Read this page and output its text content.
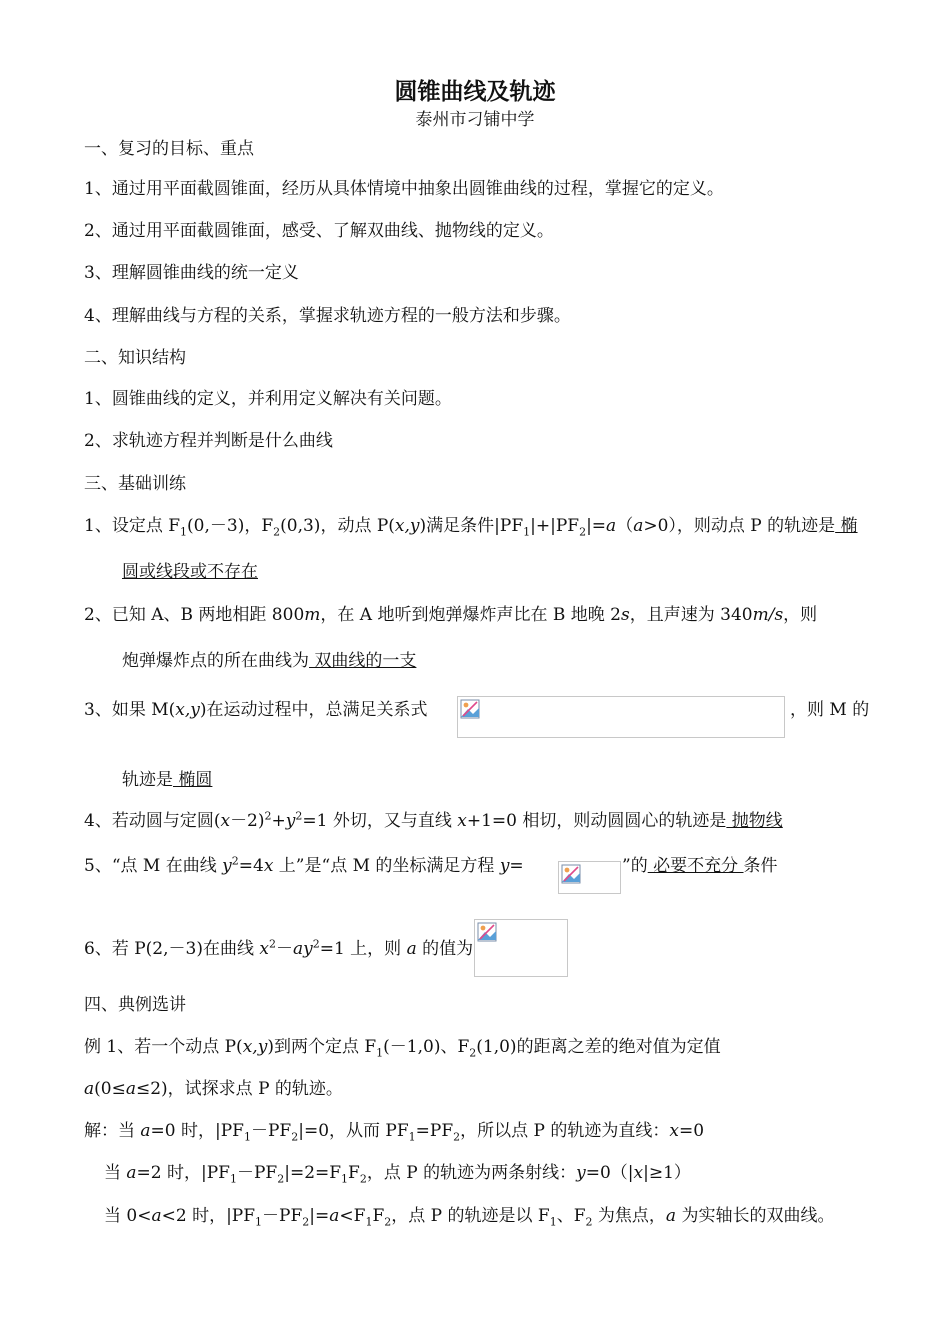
圆锥曲线及轨迹
泰州市刁铺中学
一、复习的目标、重点
1、通过用平面截圆锥面，经历从具体情境中抽象出圆锥曲线的过程，掌握它的定义。
2、通过用平面截圆锥面，感受、了解双曲线、抛物线的定义。
3、理解圆锥曲线的统一定义
4、理解曲线与方程的关系，掌握求轨迹方程的一般方法和步骤。
二、知识结构
1、圆锥曲线的定义，并利用定义解决有关问题。
2、求轨迹方程并判断是什么曲线
三、基础训练
1、设定点 $F_1(0,-3)$，$F_2(0,3)$，动点 P(x,y)满足条件$|PF_1|+|PF_2|=a(a>0)$，则动点 P 的轨迹是 椭
圆或线段或不存在
2、已知 A、B 两地相距 800m，在 A 地听到炮弹爆炸声比在 B 地晚 2s，且声速为 340m/s，则
炮弹爆炸点的所在曲线为 双曲线的一支
3、如果 M(x,y)在运动过程中，总满足关系式	，则 M 的
轨迹是 椭圆
4、若动圆与定圆$(x-2)^2+y^2=1$ 外切，又与直线 x+1=0 相切，则动圆圆心的轨迹是 抛物线
5、“点 M 在曲线 $y^2=4x$ 上”是“点 M 的坐标满足方程 y=	”的 必要不充分 条件
6、若 P(2,－3)在曲线 $x^2-ay^2=1$ 上，则 a 的值为
四、典例选讲
例 1、若一个动点 P(x,y)到两个定点 $F_1(-1,0)$、$F_2(1,0)$的距离之差的绝对值为定值
a(0≤a≤2)，试探求点 P 的轨迹。
解：当 a=0 时，$|PF_1-PF_2|=0$，从而 $PF_1=PF_2$，所以点 P 的轨迹为直线：x=0
当 a=2 时，$|PF_1-PF_2|=2=F_1F_2$，点 P 的轨迹为两条射线：y=0（|x|≥1）
当 0<a<2 时，$|PF_1-PF_2|=a<F_1F_2$，点 P 的轨迹是以 $F_1$、$F_2$ 为焦点，a 为实轴长的双曲线。
